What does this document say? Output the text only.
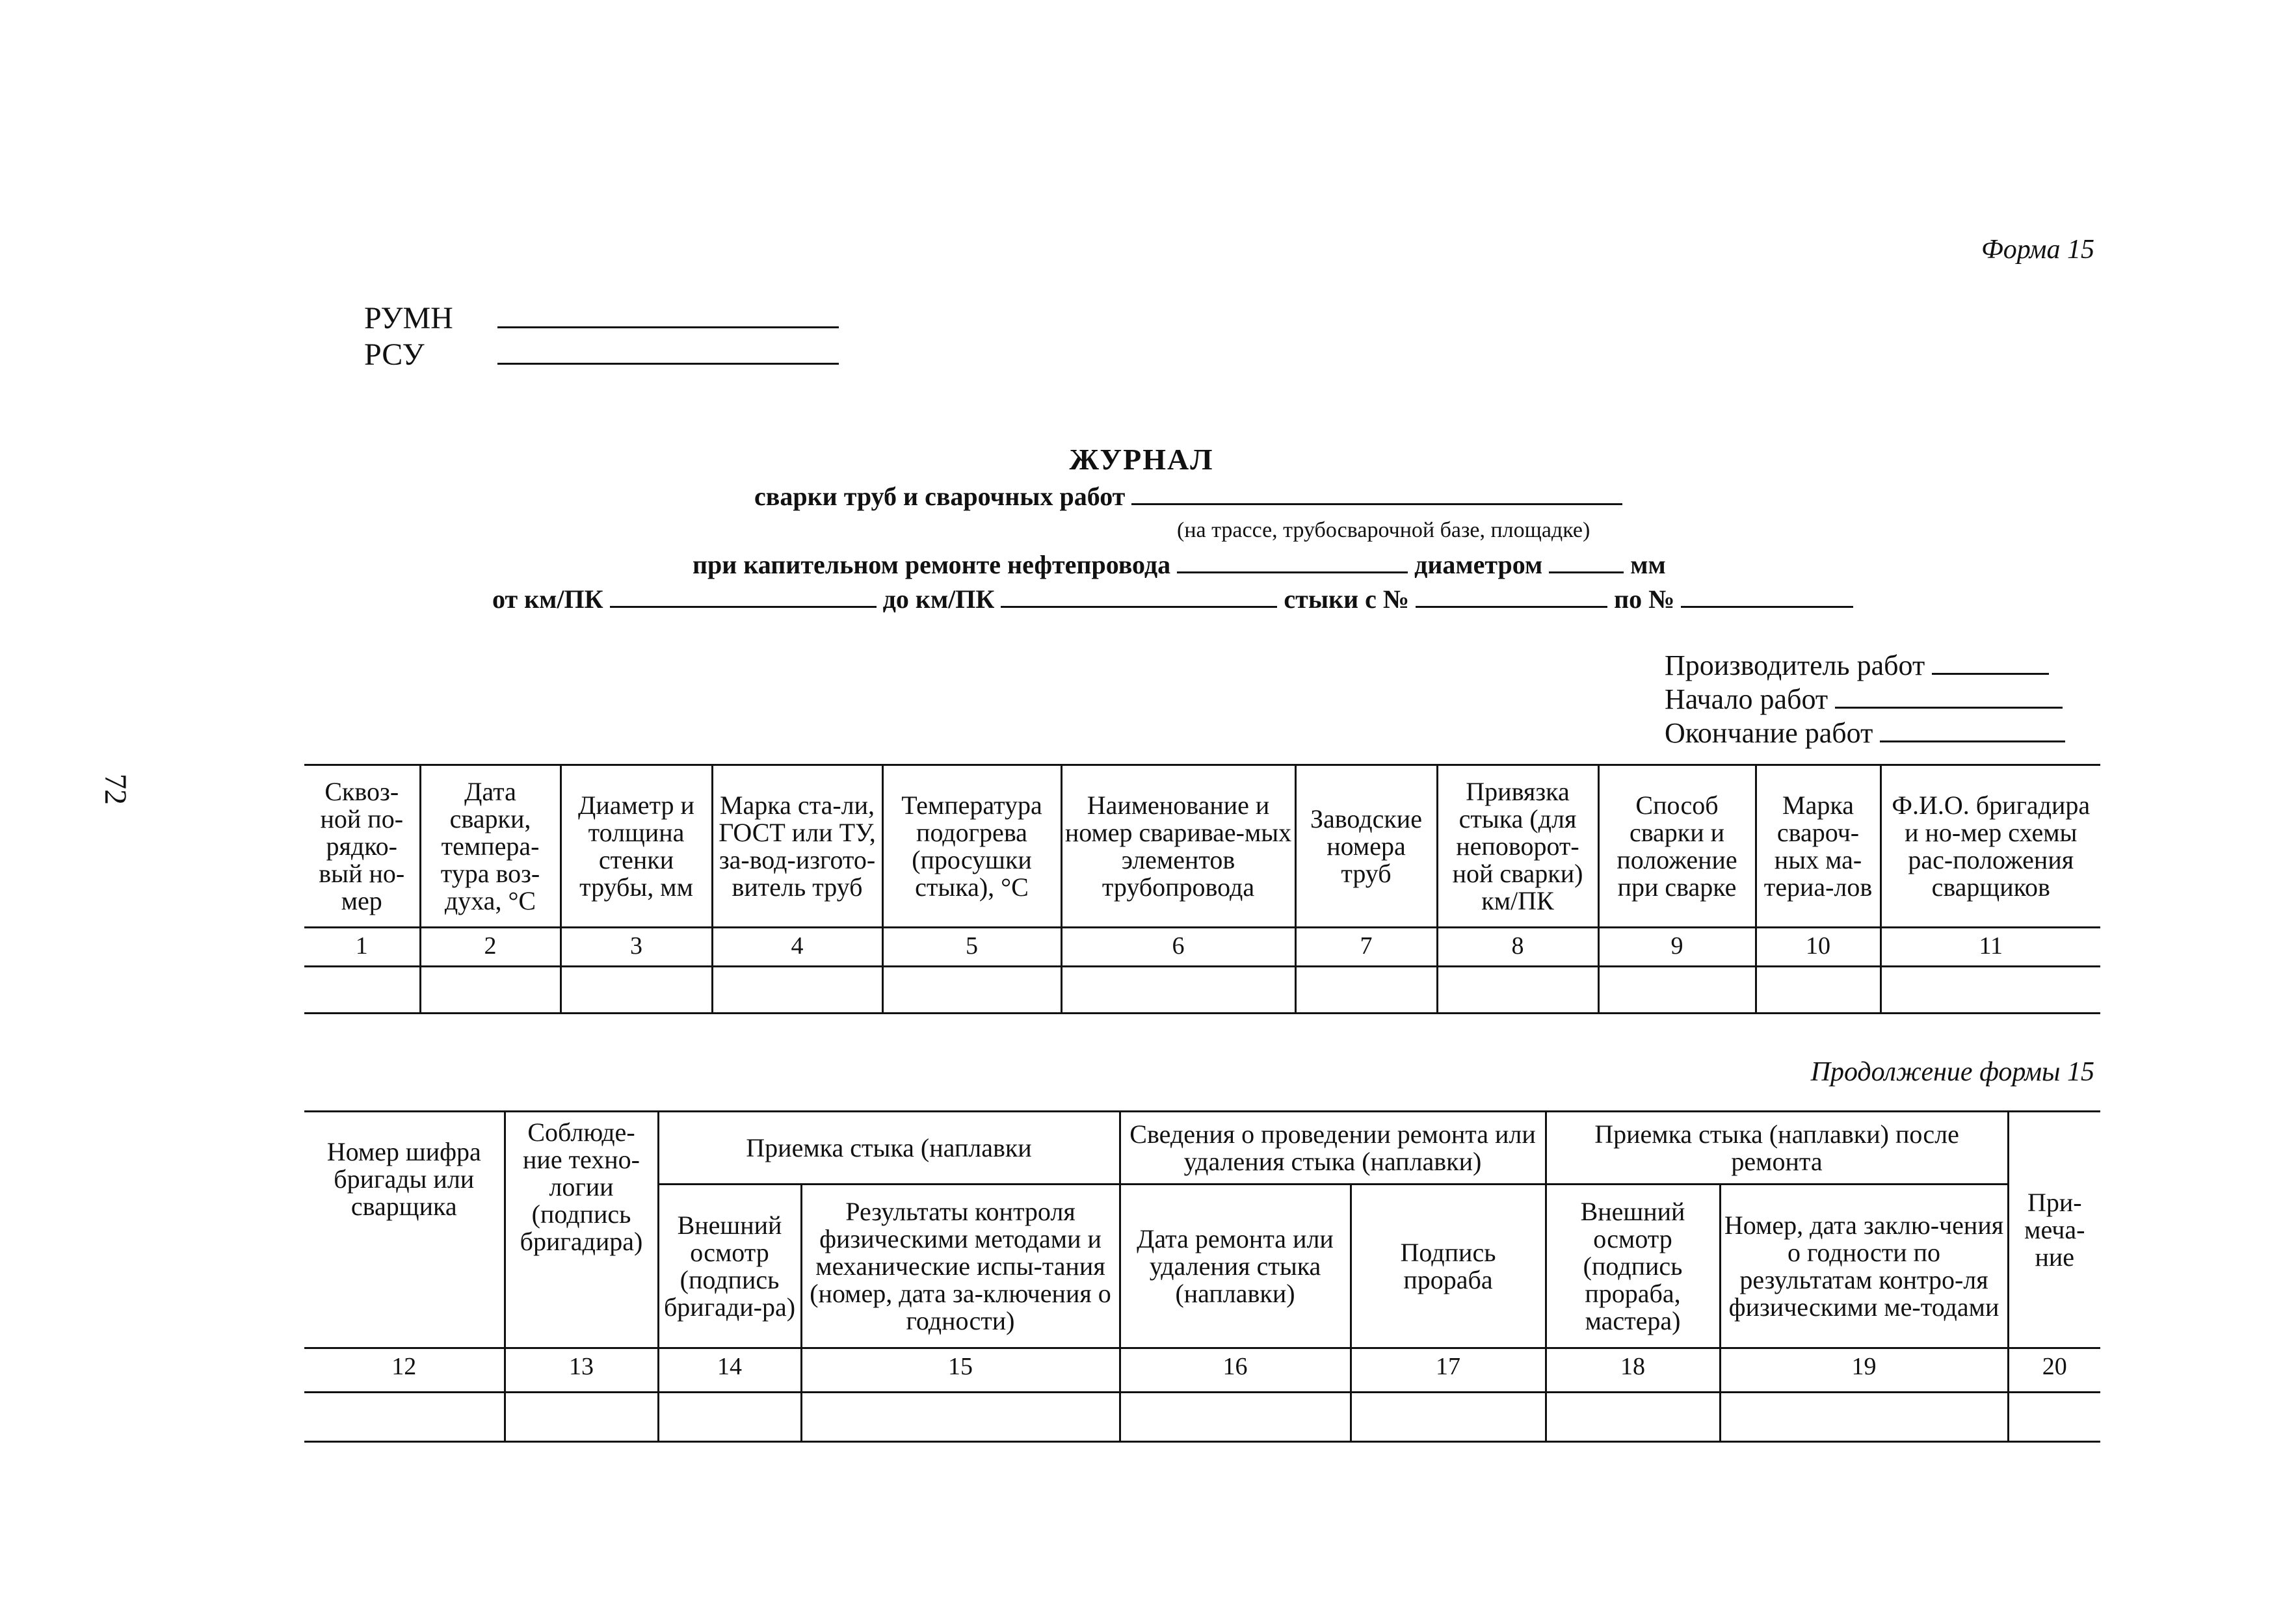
72
Форма 15
РУМН
РСУ
ЖУРНАЛ
сварки труб и сварочных работ
(на трассе, трубосварочной базе, площадке)
при капительном ремонте нефтепровода	диаметром	мм
от км/ПК	до км/ПК	стыки с №	по №
Производитель работ
Начало работ
Окончание работ
Сквоз-ной по-рядко-вый но-мер	Дата сварки, темпера-тура воз-духа, °С	Диаметр и толщина стенки трубы, мм	Марка ста-ли, ГОСТ или ТУ, за-вод-изгото-витель труб	Температура подогрева (просушки стыка), °С	Наименование и номер сваривае-мых элементов трубопровода	Заводские номера труб	Привязка стыка (для неповорот-ной сварки) км/ПК	Способ сварки и положение при сварке	Марка свароч-ных ма-териа-лов	Ф.И.О. бригадира и но-мер схемы рас-положения сварщиков
1	2	3	4	5	6	7	8	9	10	11

Продолжение формы 15
Номер шифра бригады или сварщика	Соблюде-ние техно-логии (подпись бригадира)	Приемка стыка (наплавки		Сведения о проведении ремонта или удаления стыка (наплавки)		Приемка стыка (наплавки) после ремонта		При-меча-ние
		Внешний осмотр (подпись бригади-ра)	Результаты контроля физическими методами и механические испы-тания (номер, дата за-ключения о годности)	Дата ремонта или удаления стыка (наплавки)	Подпись прораба	Внешний осмотр (подпись прораба, мастера)	Номер, дата заклю-чения о годности по результатам контро-ля физическими ме-тодами	
12	13	14	15	16	17	18	19	20
